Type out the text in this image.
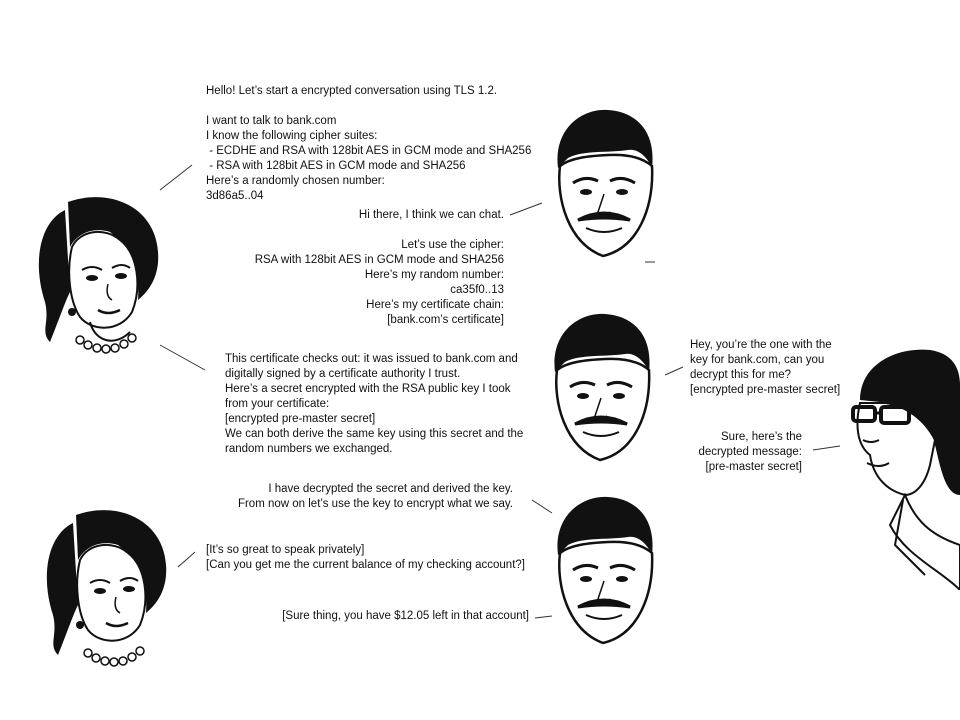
Hello! Let’s start a encrypted conversation using TLS 1.2.

I want to talk to bank.com
I know the following cipher suites:
- ECDHE and RSA with 128bit AES in GCM mode and SHA256
- RSA with 128bit AES in GCM mode and SHA256
Here’s a randomly chosen number:
3d86a5..04
Hi there, I think we can chat.

Let’s use the cipher:
RSA with 128bit AES in GCM mode and SHA256
Here’s my random number:
ca35f0..13
Here’s my certificate chain:
[bank.com’s certificate]
This certificate checks out: it was issued to bank.com and
digitally signed by a certificate authority I trust.
Here’s a secret encrypted with the RSA public key I took
from your certificate:
[encrypted pre-master secret]
We can both derive the same key using this secret and the
random numbers we exchanged.
Hey, you’re the one with the
key for bank.com, can you
decrypt this for me?
[encrypted pre-master secret]
Sure, here’s the
decrypted message:
[pre-master secret]
I have decrypted the secret and derived the key.
From now on let’s use the key to encrypt what we say.
[It’s so great to speak privately]
[Can you get me the current balance of my checking account?]
[Sure thing, you have $12.05 left in that account]
